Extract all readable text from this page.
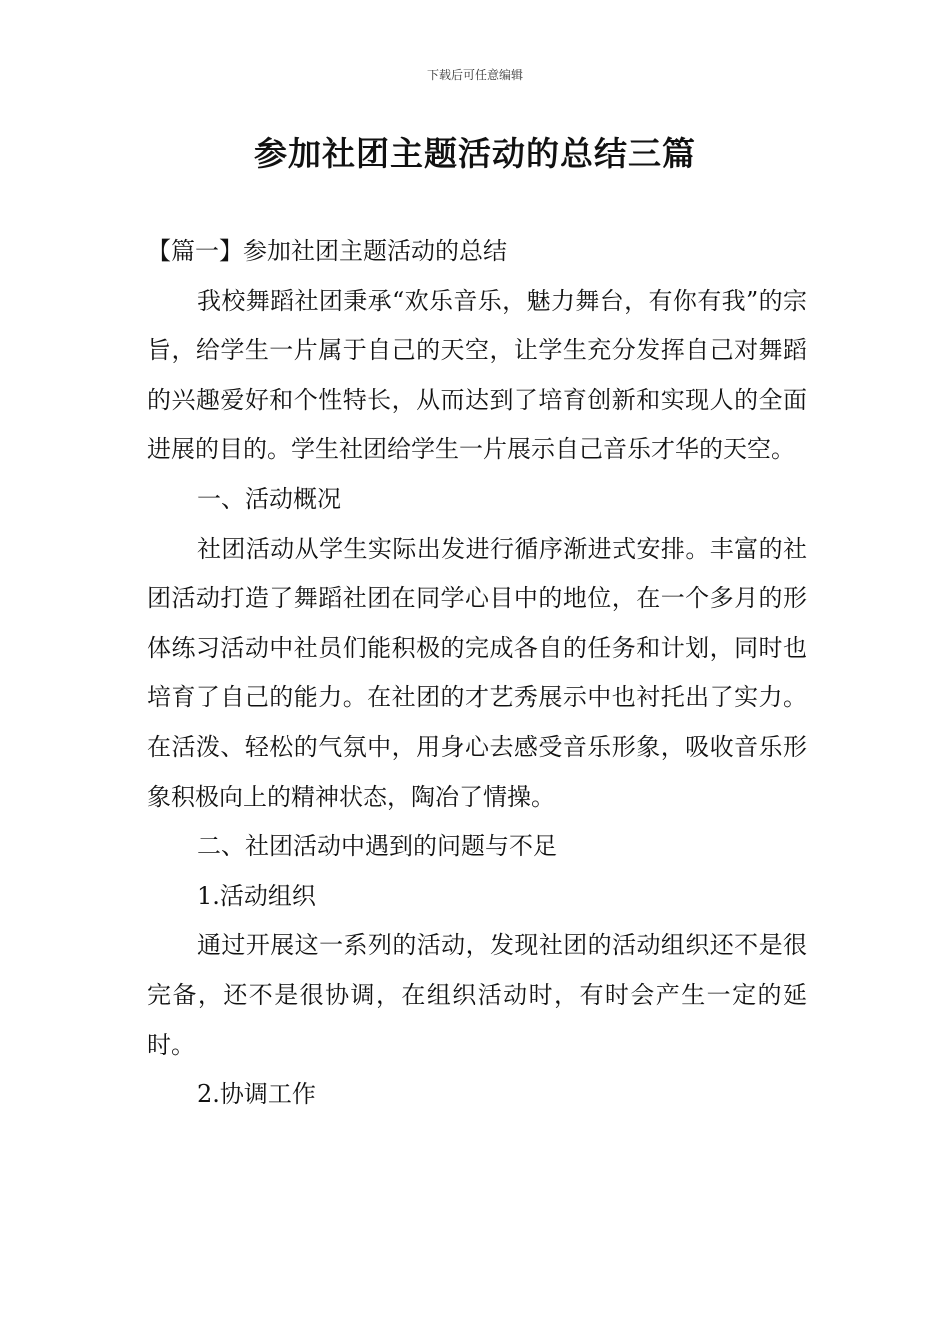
下载后可任意编辑
参加社团主题活动的总结三篇

【篇一】参加社团主题活动的总结

我校舞蹈社团秉承“欢乐音乐，魅力舞台，有你有我”的宗旨，给学生一片属于自己的天空，让学生充分发挥自己对舞蹈的兴趣爱好和个性特长，从而达到了培育创新和实现人的全面进展的目的。学生社团给学生一片展示自己音乐才华的天空。

一、活动概况

社团活动从学生实际出发进行循序渐进式安排。丰富的社团活动打造了舞蹈社团在同学心目中的地位，在一个多月的形体练习活动中社员们能积极的完成各自的任务和计划，同时也培育了自己的能力。在社团的才艺秀展示中也衬托出了实力。在活泼、轻松的气氛中，用身心去感受音乐形象，吸收音乐形象积极向上的精神状态，陶冶了情操。

二、社团活动中遇到的问题与不足

1.活动组织

通过开展这一系列的活动，发现社团的活动组织还不是很完备，还不是很协调，在组织活动时，有时会产生一定的延时。

2.协调工作
